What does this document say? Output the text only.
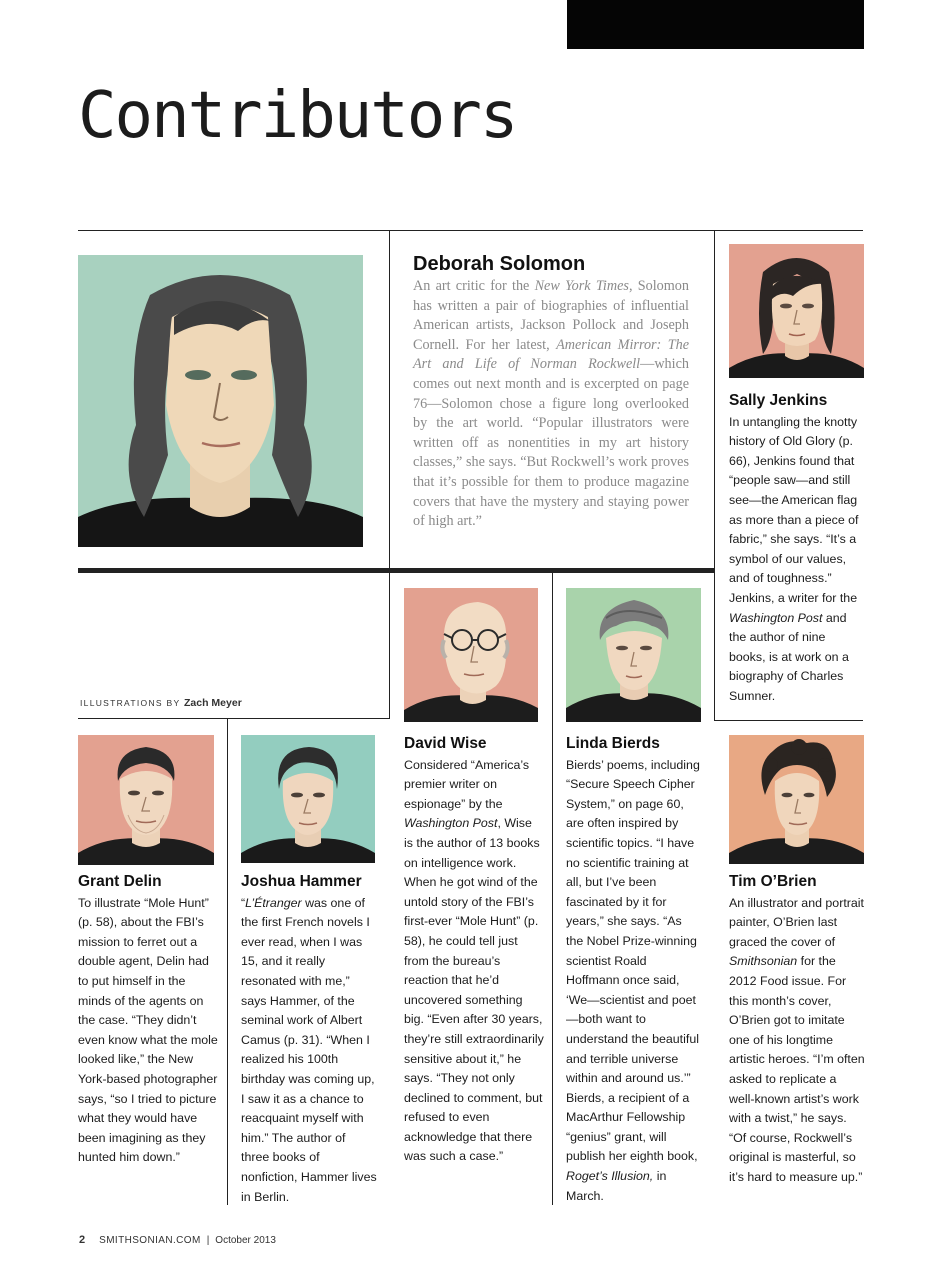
Contributors
Deborah Solomon
An art critic for the New York Times, Solomon has written a pair of biographies of influential American artists, Jackson Pollock and Joseph Cornell. For her latest, American Mirror: The Art and Life of Norman Rockwell—which comes out next month and is excerpted on page 76—Solomon chose a figure long overlooked by the art world. “Popular illustrators were written off as nonentities in my art history classes,” she says. “But Rockwell’s work proves that it’s possible for them to produce magazine covers that have the mystery and staying power of high art.”
Sally Jenkins
In untangling the knotty history of Old Glory (p. 66), Jenkins found that “people saw—and still see—the American flag as more than a piece of fabric,” she says. “It’s a symbol of our values, and of toughness.” Jenkins, a writer for the Washington Post and the author of nine books, is at work on a biography of Charles Sumner.
ILLUSTRATIONS BY Zach Meyer
David Wise
Considered “America’s premier writer on espionage” by the Washington Post, Wise is the author of 13 books on intelligence work. When he got wind of the untold story of the FBI’s first-ever “Mole Hunt” (p. 58), he could tell just from the bureau’s reaction that he’d uncovered something big. “Even after 30 years, they’re still extraordinarily sensitive about it,” he says. “They not only declined to comment, but refused to even acknowledge that there was such a case.”
Linda Bierds
Bierds’ poems, including “Secure Speech Cipher System,” on page 60, are often inspired by scientific topics. “I have no scientific training at all, but I’ve been fascinated by it for years,” she says. “As the Nobel Prize-winning scientist Roald Hoffmann once said, ‘We—scientist and poet—both want to understand the beautiful and terrible universe within and around us.’” Bierds, a recipient of a MacArthur Fellowship “genius” grant, will publish her eighth book, Roget’s Illusion, in March.
Grant Delin
To illustrate “Mole Hunt” (p. 58), about the FBI’s mission to ferret out a double agent, Delin had to put himself in the minds of the agents on the case. “They didn’t even know what the mole looked like,” the New York-based photographer says, “so I tried to picture what they would have been imagining as they hunted him down.”
Joshua Hammer
“L’Étranger was one of the first French novels I ever read, when I was 15, and it really resonated with me,” says Hammer, of the seminal work of Albert Camus (p. 31). “When I realized his 100th birthday was coming up, I saw it as a chance to reacquaint myself with him.” The author of three books of nonfiction, Hammer lives in Berlin.
Tim O’Brien
An illustrator and portrait painter, O’Brien last graced the cover of Smithsonian for the 2012 Food issue. For this month’s cover, O’Brien got to imitate one of his longtime artistic heroes. “I’m often asked to replicate a well-known artist’s work with a twist,” he says. “Of course, Rockwell’s original is masterful, so it’s hard to measure up.”
2 SMITHSONIAN.COM | October 2013
